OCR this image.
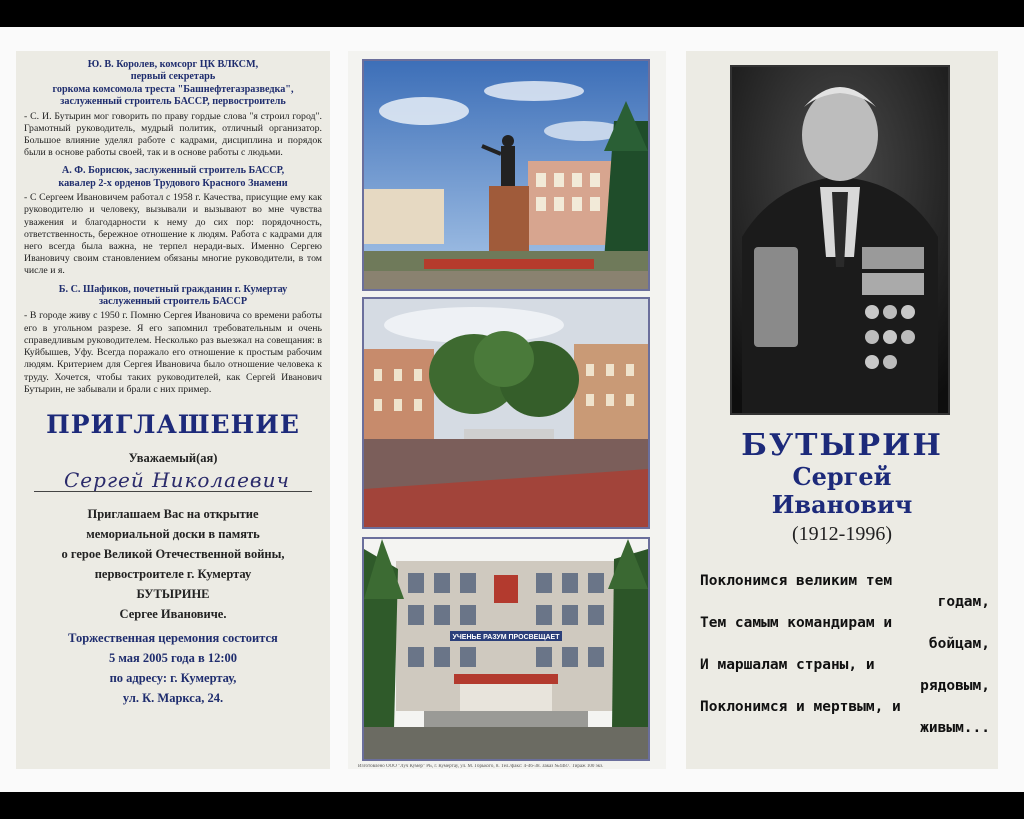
Ю. В. Королев, комсорг ЦК ВЛКСМ,
первый секретарь
горкома комсомола треста "Башнефтегазразведка",
заслуженный строитель БАССР, первостроитель
- С. И. Бутырин мог говорить по праву гордые слова "я строил город". Грамотный руководитель, мудрый политик, отличный организатор. Большое влияние уделял работе с кадрами, дисциплина и порядок были в основе работы своей, так и в основе работы с людьми.
А. Ф. Борисюк, заслуженный строитель БАССР,
кавалер 2-х орденов Трудового Красного Знамени
- С Сергеем Ивановичем работал с 1958 г. Качества, присущие ему как руководителю и человеку, вызывали и вызывают во мне чувства уважения и благодарности к нему до сих пор: порядочность, ответственность, бережное отношение к людям. Работа с кадрами для него всегда была важна, не терпел неради-вых. Именно Сергею Ивановичу своим становлением обязаны многие руководители, в том числе и я.
Б. С. Шафиков, почетный гражданин г. Кумертау
заслуженный строитель БАССР
- В городе живу с 1950 г. Помню Сергея Ивановича со времени работы его в угольном разрезе. Я его запомнил требовательным и очень справедливым руководителем. Несколько раз выезжал на совещания: в Куйбышев, Уфу. Всегда поражало его отношение к простым рабочим людям. Критерием для Сергея Ивановича было отношение человека к труду. Хочется, чтобы таких руководителей, как Сергей Иванович Бутырин, не забывали и брали с них пример.
ПРИГЛАШЕНИЕ
Уважаемый(ая)
Сергей Николаевич
Приглашаем Вас на открытие
мемориальной доски в память
о герое Великой Отечественной войны,
первостроителе г. Кумертау
БУТЫРИНЕ
Сергее Ивановиче.
Торжественная церемония состоится
5 мая 2005 года в 12:00
по адресу: г. Кумертау,
ул. К. Маркса, 24.
УЧЕНЬЕ РАЗУМ ПРОСВЕЩАЕТ
Изготовлено ООО "Луч Кумер" РБ, г. Кумертау, ул. М. Горького, 8. Тел./факс: 4-46-38. Заказ №4487. Тираж 100 экз.
БУТЫРИН
Сергей
Иванович
(1912-1996)
Поклонимся великим тем
годам,
Тем самым командирам и
бойцам,
И маршалам страны, и
рядовым,
Поклонимся и мертвым, и
живым...
